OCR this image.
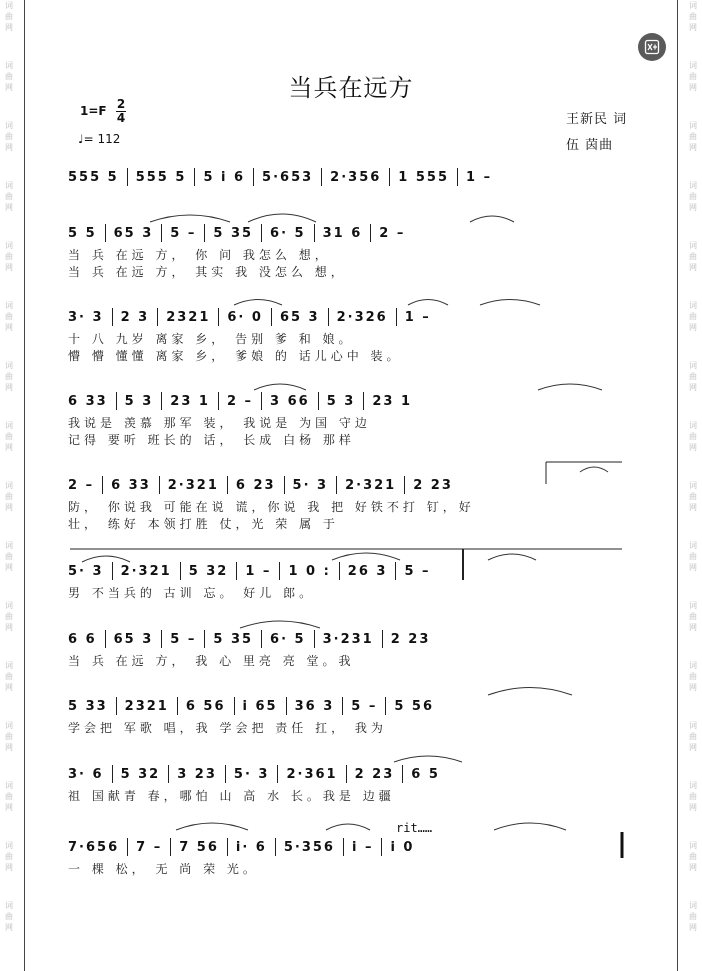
词
曲
网
词
曲
网
词
曲
网
词
曲
网
词
曲
网
词
曲
网
词
曲
网
词
曲
网
词
曲
网
词
曲
网
词
曲
网
词
曲
网
词
曲
网
词
曲
网
词
曲
网
词
曲
网
词
曲
网
词
曲
网
词
曲
网
词
曲
网
词
曲
网
词
曲
网
词
曲
网
词
曲
网
词
曲
网
词
曲
网
词
曲
网
词
曲
网
词
曲
网
词
曲
网
词
曲
网
词
曲
网
当兵在远方
1=F 2
4
♩= 112
王新民 词
伍 茵曲
rit……
555 5 555 5 5 i 6 5·653 2·356 1 555 1 –
5 5 65 3 5 – 5 35 6· 5 31 6 2 –
当 兵 在远 方， 你 问 我怎么 想，
当 兵 在远 方， 其实 我 没怎么 想，
3· 3 2 3 2321 6· 0 65 3 2·326 1 –
十 八 九岁 离家 乡， 告别 爹 和 娘。
懵 懵 懂懂 离家 乡， 爹娘 的 话儿心中 装。
6 33 5 3 23 1 2 – 3 66 5 3 23 1
我说是 羡慕 那军 装， 我说是 为国 守边
记得 要听 班长的 话， 长成 白杨 那样
2 – 6 33 2·321 6 23 5· 3 2·321 2 23
防， 你说我 可能在说 谎，你说 我 把 好铁不打 钉，好
壮， 练好 本领打胜 仗，光 荣 属 于
5· 3 2·321 5 32 1 – 1 0 : 26 3 5 –
男 不当兵的 古训 忘。 好儿 郎。
6 6 65 3 5 – 5 35 6· 5 3·231 2 23
当 兵 在远 方， 我 心 里亮 亮 堂。我
5 33 2321 6 56 i 65 36 3 5 – 5 56
学会把 军歌 唱，我 学会把 责任 扛， 我为
3· 6 5 32 3 23 5· 3 2·361 2 23 6 5
祖 国献青 春，哪怕 山 高 水 长。我是 边疆
7·656 7 – 7 56 i· 6 5·356 i – i 0
一 棵 松， 无 尚 荣 光。
